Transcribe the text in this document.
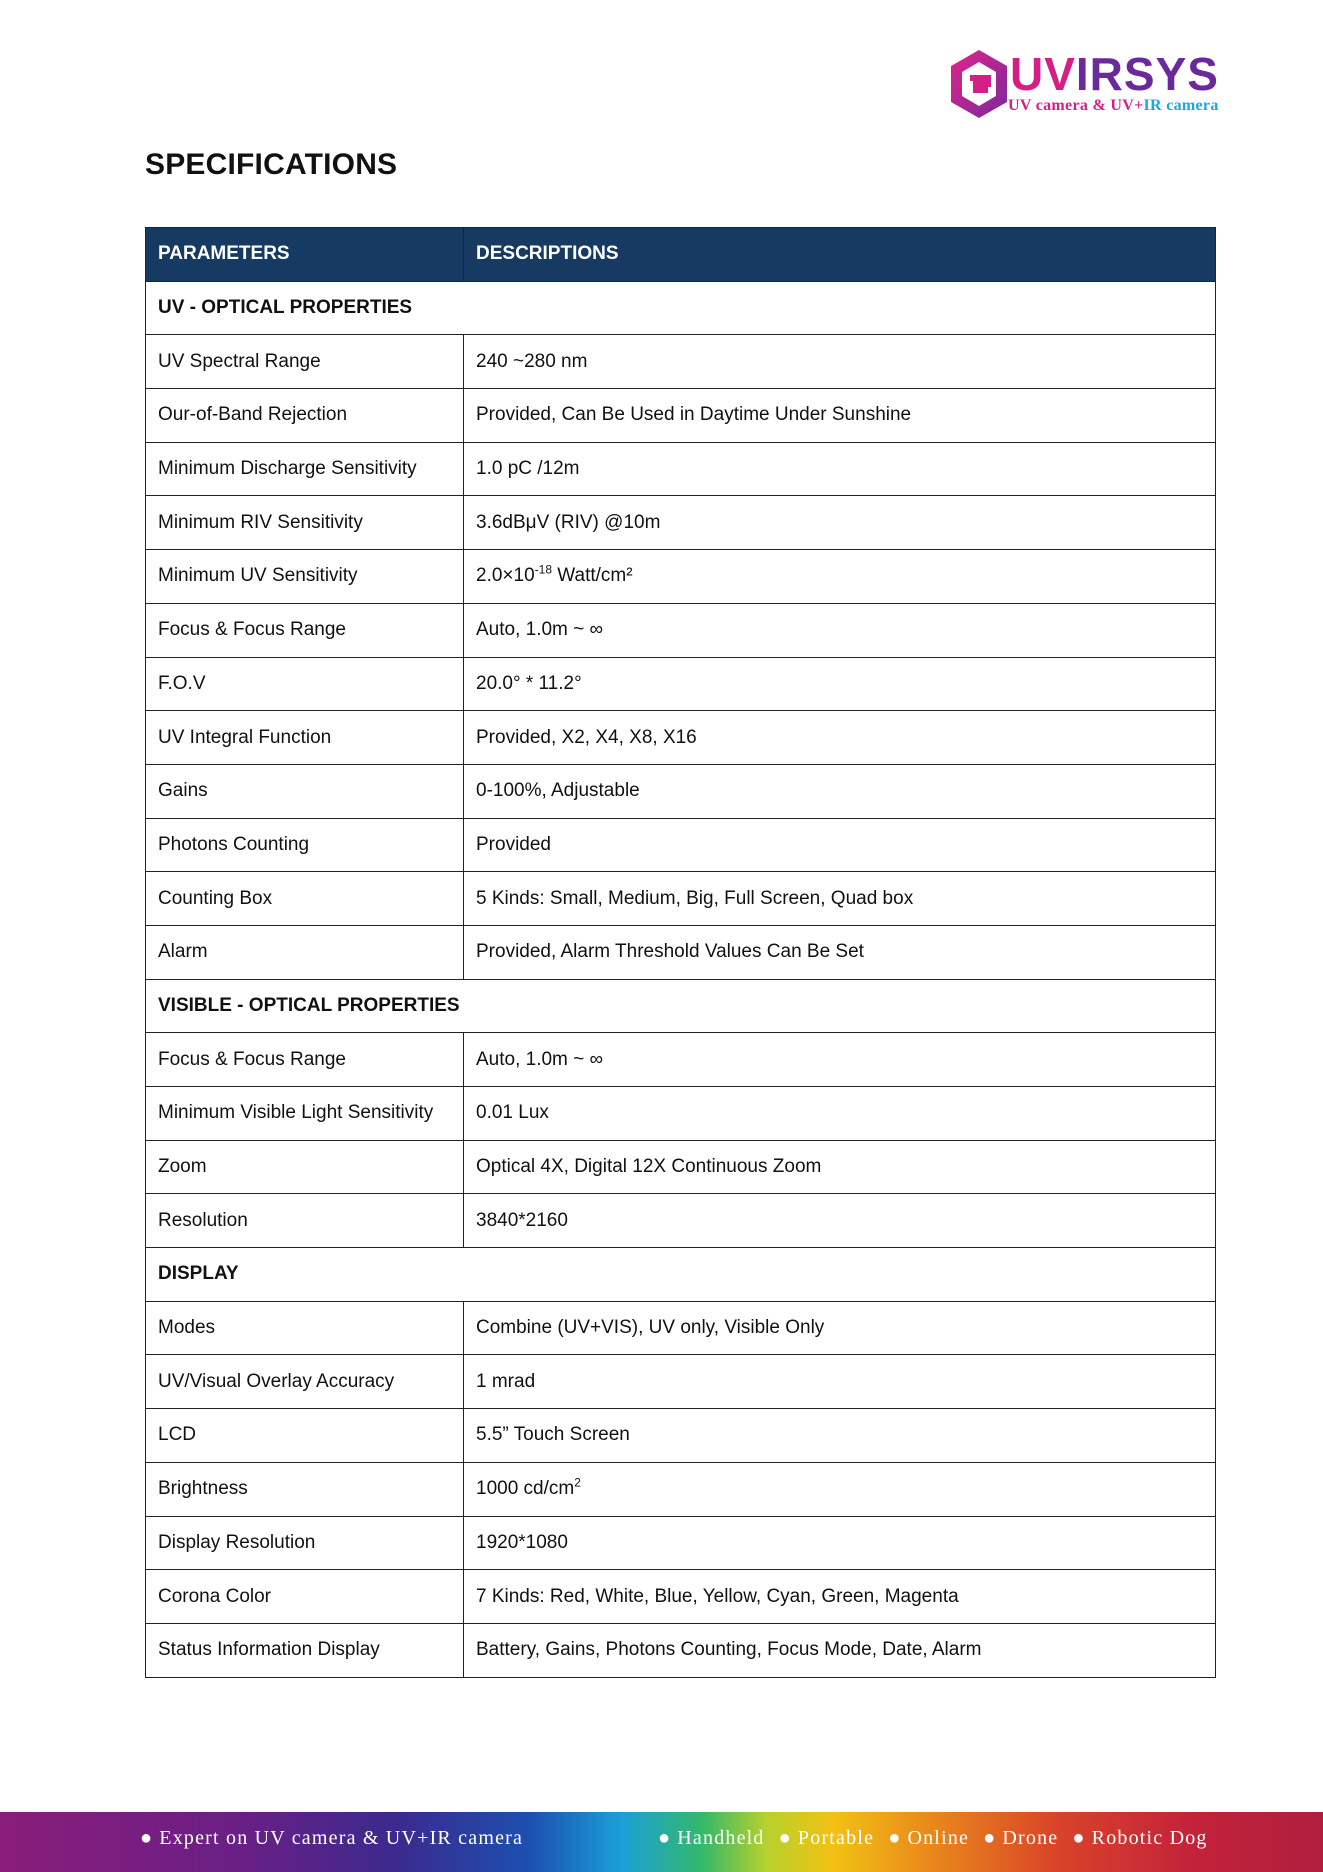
UVIRSYS
UV camera & UV+IR camera
SPECIFICATIONS
PARAMETERS	DESCRIPTIONS
UV - OPTICAL PROPERTIES	
UV Spectral Range	240 ~280 nm
Our-of-Band Rejection	Provided, Can Be Used in Daytime Under Sunshine
Minimum Discharge Sensitivity	1.0 pC /12m
Minimum RIV Sensitivity	3.6dBμV (RIV) @10m
Minimum UV Sensitivity	$2.0\times 10^{-18}$ Watt/cm²
Focus & Focus Range	Auto, 1.0m ~ ∞
F.O.V	20.0° * 11.2°
UV Integral Function	Provided, X2, X4, X8, X16
Gains	0-100%, Adjustable
Photons Counting	Provided
Counting Box	5 Kinds: Small, Medium, Big, Full Screen, Quad box
Alarm	Provided, Alarm Threshold Values Can Be Set
VISIBLE - OPTICAL PROPERTIES	
Focus & Focus Range	Auto, 1.0m ~ ∞
Minimum Visible Light Sensitivity	0.01 Lux
Zoom	Optical 4X, Digital 12X Continuous Zoom
Resolution	3840*2160
DISPLAY	
Modes	Combine (UV+VIS), UV only, Visible Only
UV/Visual Overlay Accuracy	1 mrad
LCD	5.5” Touch Screen
Brightness	1000 $cd/cm^2$
Display Resolution	1920*1080
Corona Color	7 Kinds: Red, White, Blue, Yellow, Cyan, Green, Magenta
Status Information Display	Battery, Gains, Photons Counting, Focus Mode, Date, Alarm
● Expert on UV camera & UV+IR camera	● Handheld ● Portable ● Online ● Drone ● Robotic Dog
